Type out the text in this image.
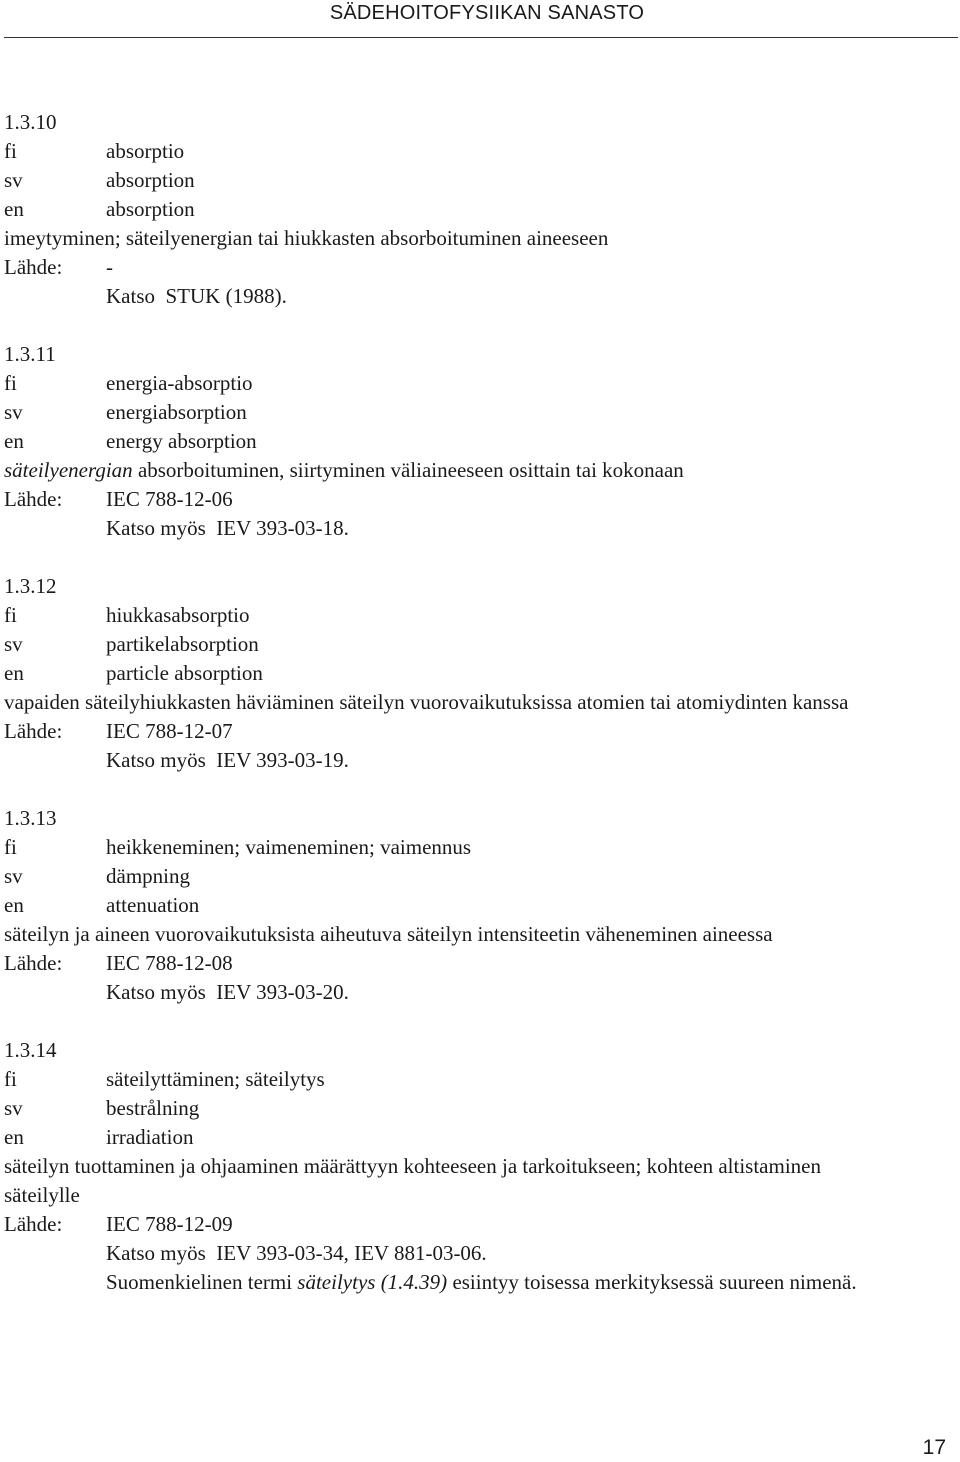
SÄDEHOITOFYSIIKAN SANASTO
1.3.10
fi	absorptio
sv	absorption
en	absorption
imeytyminen; säteilyenergian tai hiukkasten absorboituminen aineeseen
Lähde:	-
Katso  STUK (1988).
1.3.11
fi	energia-absorptio
sv	energiabsorption
en	energy absorption
säteilyenergian absorboituminen, siirtyminen väliaineeseen osittain tai kokonaan
Lähde:	IEC 788-12-06
Katso myös  IEV 393-03-18.
1.3.12
fi	hiukkasabsorptio
sv	partikelabsorption
en	particle absorption
vapaiden säteilyhiukkasten häviäminen säteilyn vuorovaikutuksissa atomien tai atomiydinten kanssa
Lähde:	IEC 788-12-07
Katso myös  IEV 393-03-19.
1.3.13
fi	heikkeneminen; vaimeneminen; vaimennus
sv	dämpning
en	attenuation
säteilyn ja aineen vuorovaikutuksista aiheutuva säteilyn intensiteetin väheneminen aineessa
Lähde:	IEC 788-12-08
Katso myös  IEV 393-03-20.
1.3.14
fi	säteilyttäminen; säteilytys
sv	bestrålning
en	irradiation
säteilyn tuottaminen ja ohjaaminen määrättyyn kohteeseen ja tarkoitukseen; kohteen altistaminen säteilylle
Lähde:	IEC 788-12-09
Katso myös  IEV 393-03-34, IEV 881-03-06.
Suomenkielinen termi säteilytys (1.4.39) esiintyy toisessa merkityksessä suureen nimenä.
17
